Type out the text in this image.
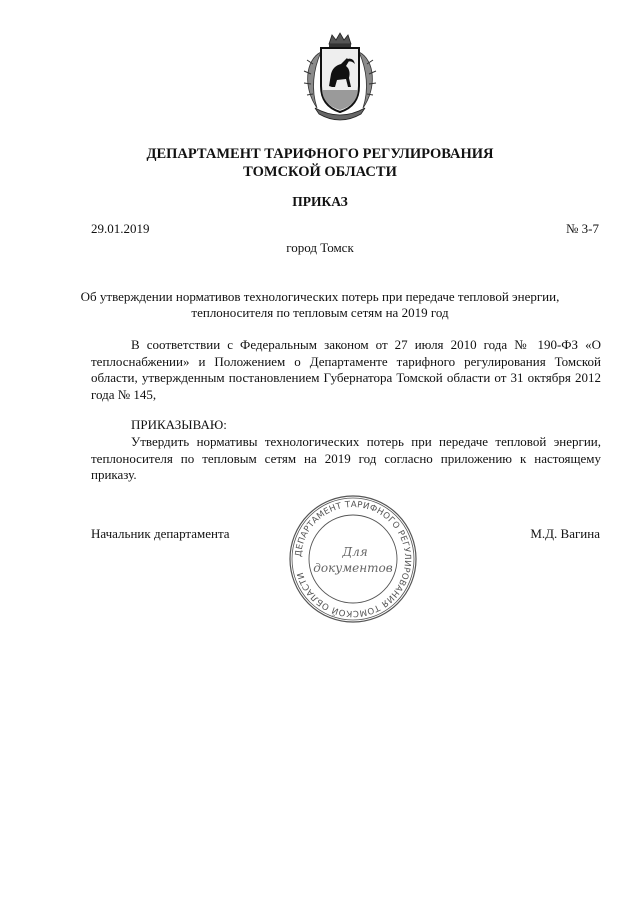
ДЕПАРТАМЕНТ ТАРИФНОГО РЕГУЛИРОВАНИЯ
ТОМСКОЙ ОБЛАСТИ
ПРИКАЗ
29.01.2019	№ 3-7
город Томск
Об утверждении нормативов технологических потерь при передаче тепловой энергии,
теплоносителя по тепловым сетям на 2019 год
В соответствии с Федеральным законом от 27 июля 2010 года № 190-ФЗ «О теплоснабжении» и Положением о Департаменте тарифного регулирования Томской области, утвержденным постановлением Губернатора Томской области от 31 октября 2012 года № 145,
ПРИКАЗЫВАЮ:
Утвердить нормативы технологических потерь при передаче тепловой энергии, теплоносителя по тепловым сетям на 2019 год согласно приложению к настоящему приказу.
Начальник департамента	М.Д. Вагина
ДЕПАРТАМЕНТ ТАРИФНОГО РЕГУЛИРОВАНИЯ ТОМСКОЙ ОБЛАСТИ
Для
документов
